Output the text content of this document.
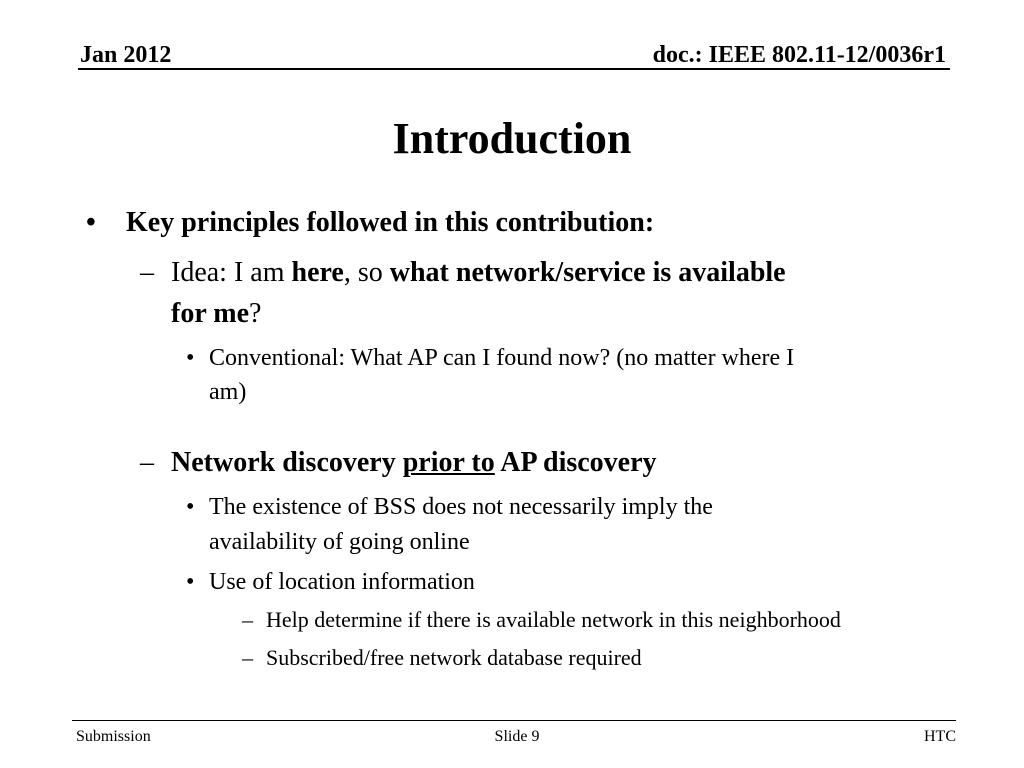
Jan 2012	doc.: IEEE 802.11-12/0036r1
Introduction
• Key principles followed in this contribution:
– Idea: I am here, so what network/service is available
for me?
• Conventional: What AP can I found now? (no matter where I
am)
– Network discovery prior to AP discovery
• The existence of BSS does not necessarily imply the
availability of going online
• Use of location information
– Help determine if there is available network in this neighborhood
– Subscribed/free network database required
Submission	Slide 9	HTC
